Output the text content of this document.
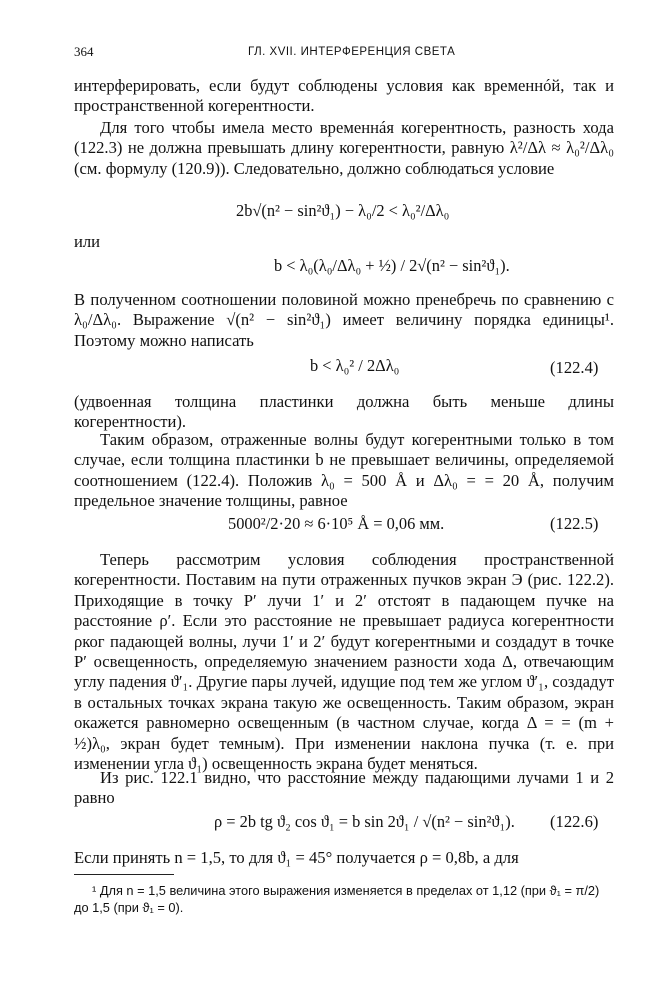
364	ГЛ. XVII. ИНТЕРФЕРЕНЦИЯ СВЕТА

интерферировать, если будут соблюдены условия как временнóй, так и пространственной когерентности.

Для того чтобы имела место временнáя когерентность, разность хода (122.3) не должна превышать длину когерентности, равную λ²/Δλ ≈ λ₀²/Δλ₀ (см. формулу (120.9)). Следовательно, должно соблюдаться условие

2b√(n² − sin²ϑ₁) − λ₀/2 < λ₀²/Δλ₀
или
b < λ₀(λ₀/Δλ₀ + ½) / 2√(n² − sin²ϑ₁).

В полученном соотношении половиной можно пренебречь по сравнению с λ₀/Δλ₀. Выражение √(n² − sin²ϑ₁) имеет величину порядка единицы¹. Поэтому можно написать

b < λ₀² / 2Δλ₀	(122.4)

(удвоенная толщина пластинки должна быть меньше длины когерентности).

Таким образом, отраженные волны будут когерентными только в том случае, если толщина пластинки b не превышает величины, определяемой соотношением (122.4). Положив λ₀ = 500 Å и Δλ₀ = = 20 Å, получим предельное значение толщины, равное

5000²/2·20 ≈ 6·10⁵ Å = 0,06 мм.	(122.5)

Теперь рассмотрим условия соблюдения пространственной когерентности. Поставим на пути отраженных пучков экран Э (рис. 122.2). Приходящие в точку P′ лучи 1′ и 2′ отстоят в падающем пучке на расстояние ρ′. Если это расстояние не превышает радиуса когерентности ρког падающей волны, лучи 1′ и 2′ будут когерентными и создадут в точке P′ освещенность, определяемую значением разности хода Δ, отвечающим углу падения ϑ′₁. Другие пары лучей, идущие под тем же углом ϑ′₁, создадут в остальных точках экрана такую же освещенность. Таким образом, экран окажется равномерно освещенным (в частном случае, когда Δ = = (m + ½)λ₀, экран будет темным). При изменении наклона пучка (т. е. при изменении угла ϑ₁) освещенность экрана будет меняться.

Из рис. 122.1 видно, что расстояние между падающими лучами 1 и 2 равно

ρ = 2b tg ϑ₂ cos ϑ₁ = b sin 2ϑ₁ / √(n² − sin²ϑ₁). (122.6)

Если принять n = 1,5, то для ϑ₁ = 45° получается ρ = 0,8b, а для

¹ Для n = 1,5 величина этого выражения изменяется в пределах от 1,12 (при ϑ₁ = π/2) до 1,5 (при ϑ₁ = 0).
